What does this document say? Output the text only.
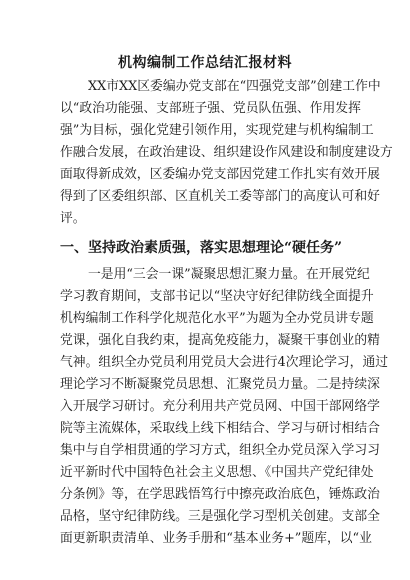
机构编制工作总结汇报材料
XX市XX区委编办党支部在“四强党支部”创建工作中
以“政治功能强、支部班子强、党员队伍强、作用发挥
强”为目标，强化党建引领作用，实现党建与机构编制工
作融合发展，在政治建设、组织建设作风建设和制度建设方
面取得新成效，区委编办党支部因党建工作扎实有效开展
得到了区委组织部、区直机关工委等部门的高度认可和好
评。
一、坚持政治素质强，落实思想理论“硬任务”
一是用“三会一课”凝聚思想汇聚力量。在开展党纪
学习教育期间，支部书记以“坚决守好纪律防线全面提升
机构编制工作科学化规范化水平”为题为全办党员讲专题
党课，强化自我约束，提高免疫能力，凝聚干事创业的精
气神。组织全办党员利用党员大会进行4次理论学习，通过
理论学习不断凝聚党员思想、汇聚党员力量。二是持续深
入开展学习研讨。充分利用共产党员网、中国干部网络学
院等主流媒体，采取线上线下相结合、学习与研讨相结合
集中与自学相贯通的学习方式，组织全办党员深入学习习
近平新时代中国特色社会主义思想、《中国共产党纪律处
分条例》等，在学思践悟笃行中擦亮政治底色，锤炼政治
品格，坚守纪律防线。三是强化学习型机关创建。支部全
面更新职责清单、业务手册和“基本业务+”题库，以“业
